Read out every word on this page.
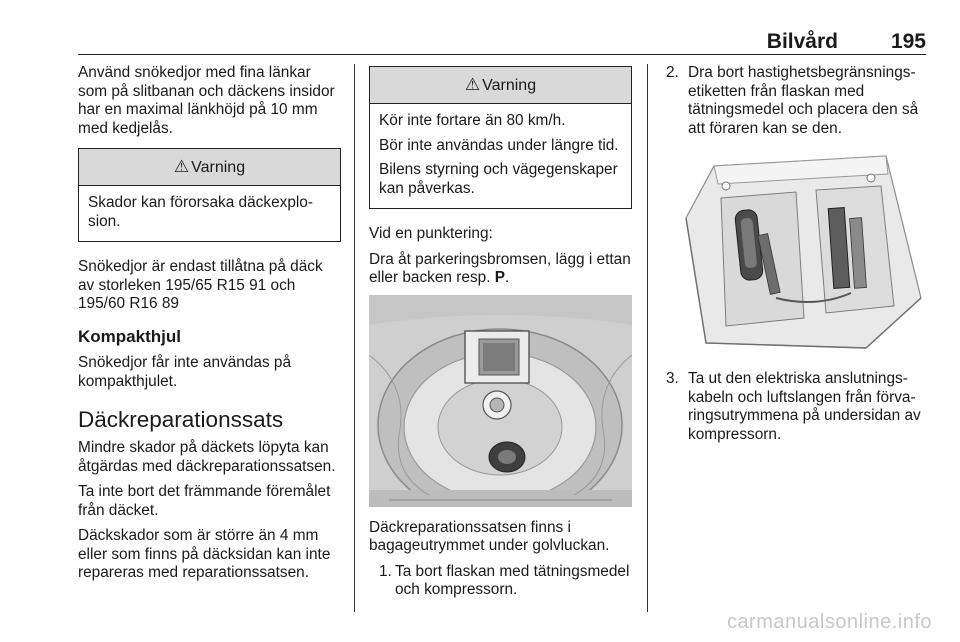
Bilvård	195

Använd snökedjor med fina länkar som på slitbanan och däckens insidor har en maximal länkhöjd på 10 mm med kedjelås.

⚠ Varning

Skador kan förorsaka däckexplosion.

Snökedjor är endast tillåtna på däck av storleken 195/65 R15 91 och 195/60 R16 89

Kompakthjul

Snökedjor får inte användas på kompakthjulet.

Däckreparationssats

Mindre skador på däckets löpyta kan åtgärdas med däckreparationssatsen.

Ta inte bort det främmande föremålet från däcket.

Däckskador som är större än 4 mm eller som finns på däcksidan kan inte repareras med reparationssatsen.

⚠ Varning

Kör inte fortare än 80 km/h.

Bör inte användas under längre tid.

Bilens styrning och vägegenskaper kan påverkas.

Vid en punktering:

Dra åt parkeringsbromsen, lägg i ettan eller backen resp. P.

Däckreparationssatsen finns i bagageutrymmet under golvluckan.

1. Ta bort flaskan med tätningsmedel och kompressorn.
2. Dra bort hastighetsbegränsningsetiketten från flaskan med tätningsmedel och placera den så att föraren kan se den.
3. Ta ut den elektriska anslutningskabeln och luftslangen från förvaringsutrymmena på undersidan av kompressorn.
carmanualsonline.info
